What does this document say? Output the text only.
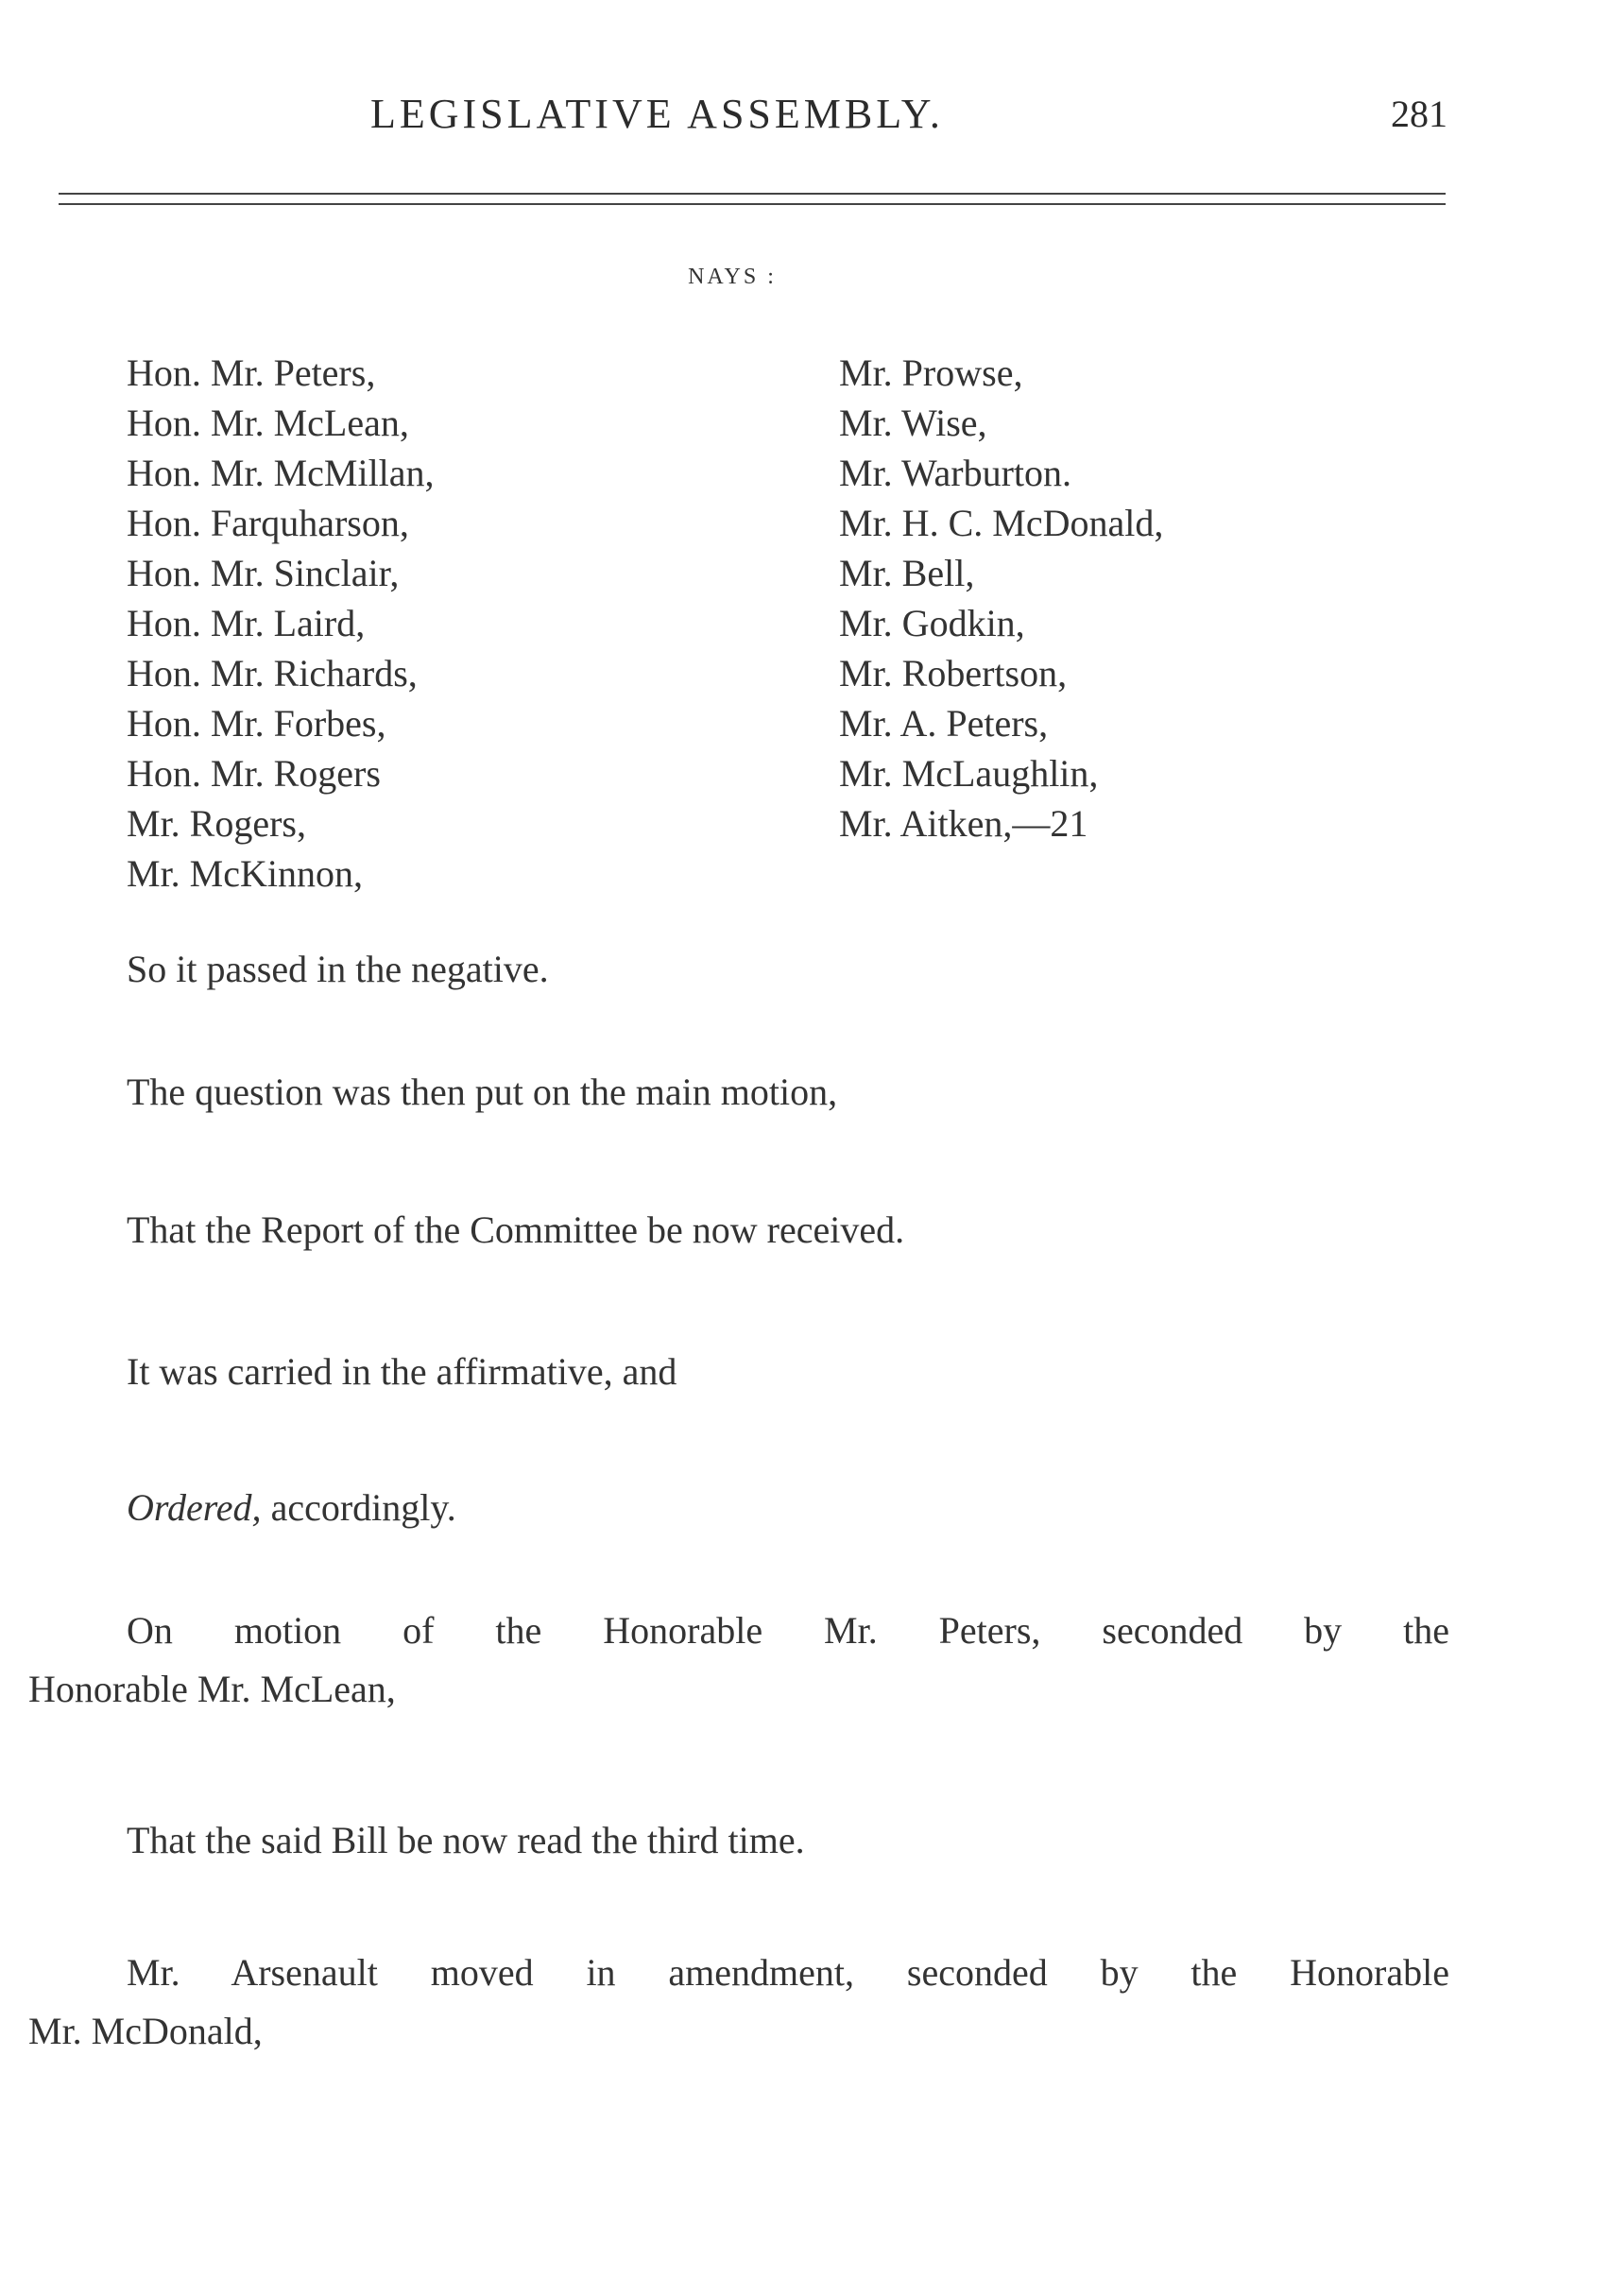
LEGISLATIVE ASSEMBLY.	281
NAYS :
Hon. Mr. Peters,
Hon. Mr. McLean,
Hon. Mr. McMillan,
Hon. Farquharson,
Hon. Mr. Sinclair,
Hon. Mr. Laird,
Hon. Mr. Richards,
Hon. Mr. Forbes,
Hon. Mr. Rogers
Mr. Rogers,
Mr. McKinnon,
Mr. Prowse,
Mr. Wise,
Mr. Warburton.
Mr. H. C. McDonald,
Mr. Bell,
Mr. Godkin,
Mr. Robertson,
Mr. A. Peters,
Mr. McLaughlin,
Mr. Aitken,—21

So it passed in the negative.

The question was then put on the main motion,

That the Report of the Committee be now received.

It was carried in the affirmative, and

Ordered, accordingly.

On motion of the Honorable Mr. Peters, seconded by the

Honorable Mr. McLean,

That the said Bill be now read the third time.

Mr. Arsenault moved in amendment, seconded by the Honorable

Mr. McDonald,
